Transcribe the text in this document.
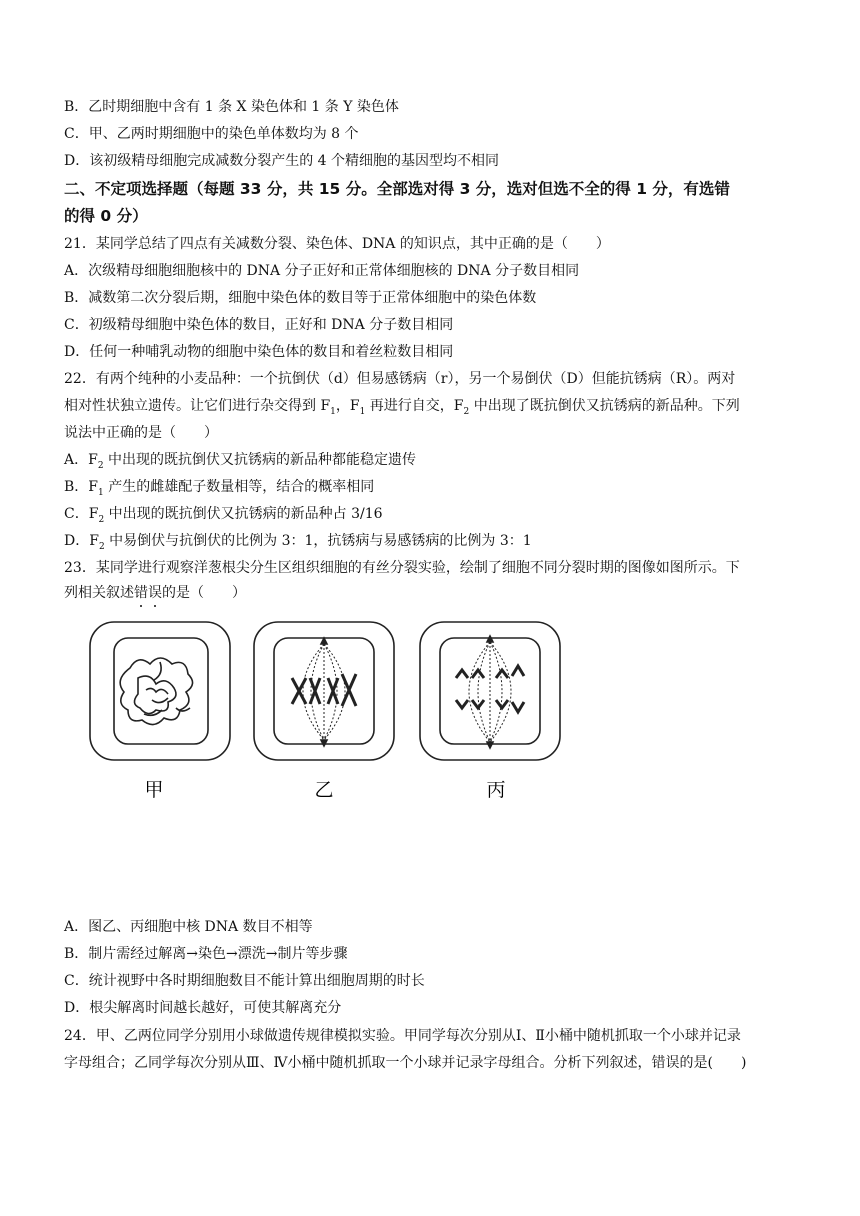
B．乙时期细胞中含有 1 条 X 染色体和 1 条 Y 染色体
C．甲、乙两时期细胞中的染色单体数均为 8 个
D．该初级精母细胞完成减数分裂产生的 4 个精细胞的基因型均不相同
二、不定项选择题（每题 33 分，共 15 分。全部选对得 3 分，选对但选不全的得 1 分，有选错
的得 0 分）
21．某同学总结了四点有关减数分裂、染色体、DNA 的知识点，其中正确的是（　　）
A．次级精母细胞细胞核中的 DNA 分子正好和正常体细胞核的 DNA 分子数目相同
B．减数第二次分裂后期，细胞中染色体的数目等于正常体细胞中的染色体数
C．初级精母细胞中染色体的数目，正好和 DNA 分子数目相同
D．任何一种哺乳动物的细胞中染色体的数目和着丝粒数目相同
22．有两个纯种的小麦品种：一个抗倒伏（d）但易感锈病（r），另一个易倒伏（D）但能抗锈病（R）。两对
相对性状独立遗传。让它们进行杂交得到 $F_1$，$F_1$ 再进行自交，$F_2$ 中出现了既抗倒伏又抗锈病的新品种。下列
说法中正确的是（　　）
A．$F_2$ 中出现的既抗倒伏又抗锈病的新品种都能稳定遗传
B．$F_1$ 产生的雌雄配子数量相等，结合的概率相同
C．$F_2$ 中出现的既抗倒伏又抗锈病的新品种占 3/16
D．$F_2$ 中易倒伏与抗倒伏的比例为 3：1，抗锈病与易感锈病的比例为 3：1
23．某同学进行观察洋葱根尖分生区组织细胞的有丝分裂实验，绘制了细胞不同分裂时期的图像如图所示。下
列相关叙述错误的是（　　）
甲	乙	丙
A．图乙、丙细胞中核 DNA 数目不相等
B．制片需经过解离→染色→漂洗→制片等步骤
C．统计视野中各时期细胞数目不能计算出细胞周期的时长
D．根尖解离时间越长越好，可使其解离充分
24．甲、乙两位同学分别用小球做遗传规律模拟实验。甲同学每次分别从Ⅰ、Ⅱ小桶中随机抓取一个小球并记录
字母组合；乙同学每次分别从Ⅲ、Ⅳ小桶中随机抓取一个小球并记录字母组合。分析下列叙述，错误的是(　　)
